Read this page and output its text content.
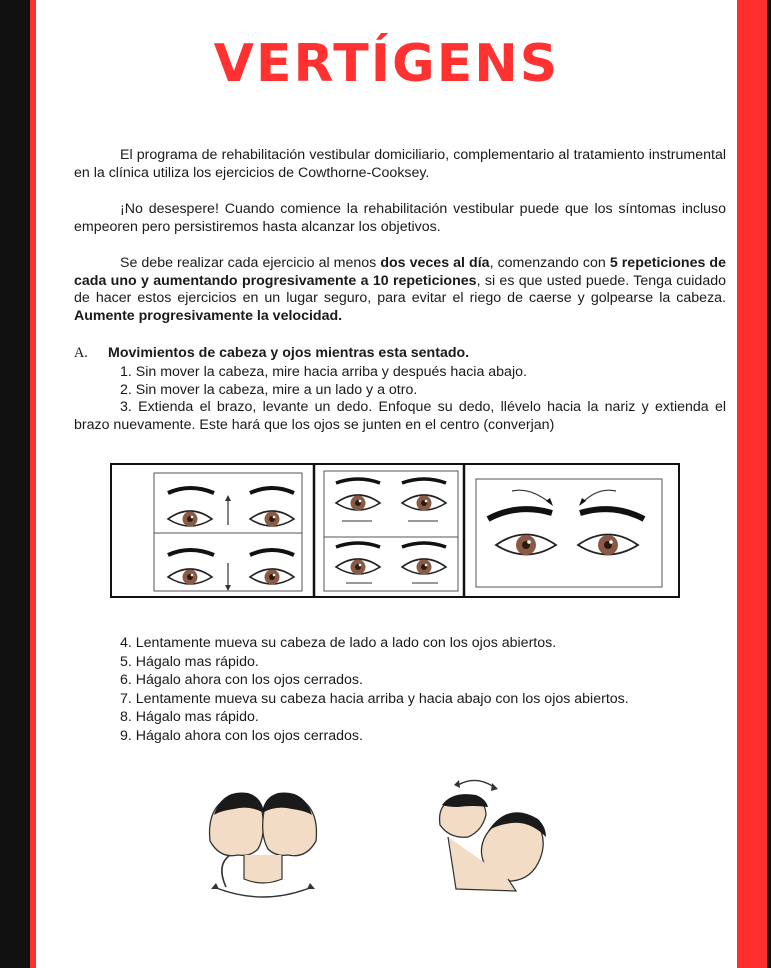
VERTÍGENS
El programa de rehabilitación vestibular domiciliario, complementario al tratamiento instrumental en la clínica utiliza los ejercicios de Cowthorne-Cooksey.
¡No desespere! Cuando comience la rehabilitación vestibular puede que los síntomas incluso empeoren pero persistiremos hasta alcanzar los objetivos.
Se debe realizar cada ejercicio al menos dos veces al día, comenzando con 5 repeticiones de cada uno y aumentando progresivamente a 10 repeticiones, si es que usted puede. Tenga cuidado de hacer estos ejercicios en un lugar seguro, para evitar el riego de caerse y golpearse la cabeza. Aumente progresivamente la velocidad.
A. Movimientos de cabeza y ojos mientras esta sentado.
1. Sin mover la cabeza, mire hacia arriba y después hacia abajo.
2. Sin mover la cabeza, mire a un lado y a otro.
3. Extienda el brazo, levante un dedo. Enfoque su dedo, llévelo hacia la nariz y extienda el brazo nuevamente. Este hará que los ojos se junten en el centro (converjan)
4. Lentamente mueva su cabeza de lado a lado con los ojos abiertos.
5. Hágalo mas rápido.
6. Hágalo ahora con los ojos cerrados.
7. Lentamente mueva su cabeza hacia arriba y hacia abajo con los ojos abiertos.
8. Hágalo mas rápido.
9. Hágalo ahora con los ojos cerrados.
